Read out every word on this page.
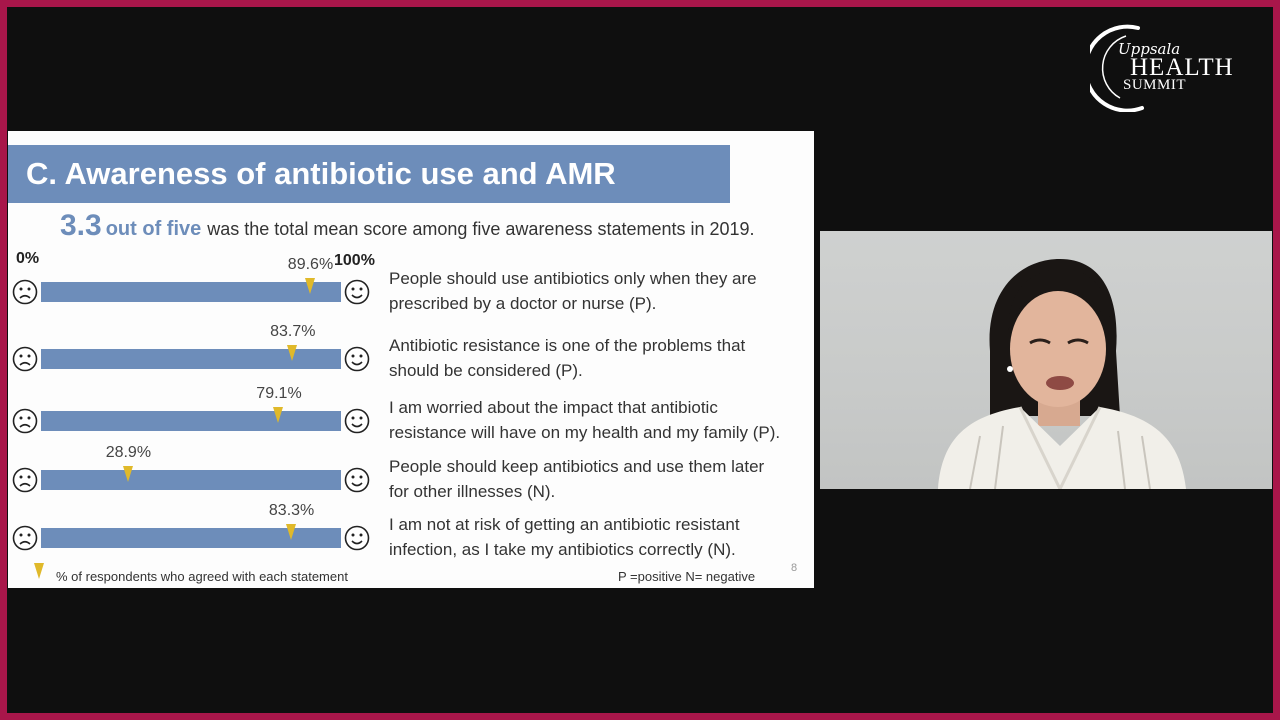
Uppsala
HEALTH
SUMMIT
C. Awareness of antibiotic use and AMR
3.3 out of five was the total mean score among five awareness statements in 2019.
0%	100%
89.6%
People should use antibiotics only when they are
prescribed by a doctor or nurse (P).
83.7%
Antibiotic resistance is one of the problems that
should be considered (P).
79.1%
I am worried about the impact that antibiotic
resistance will have on my health and my family (P).
28.9%
People should keep antibiotics and use them later
for other illnesses (N).
83.3%
I am not at risk of getting an antibiotic resistant
infection, as I take my antibiotics correctly (N).
% of respondents who agreed with each statement	P =positive N= negative
8
